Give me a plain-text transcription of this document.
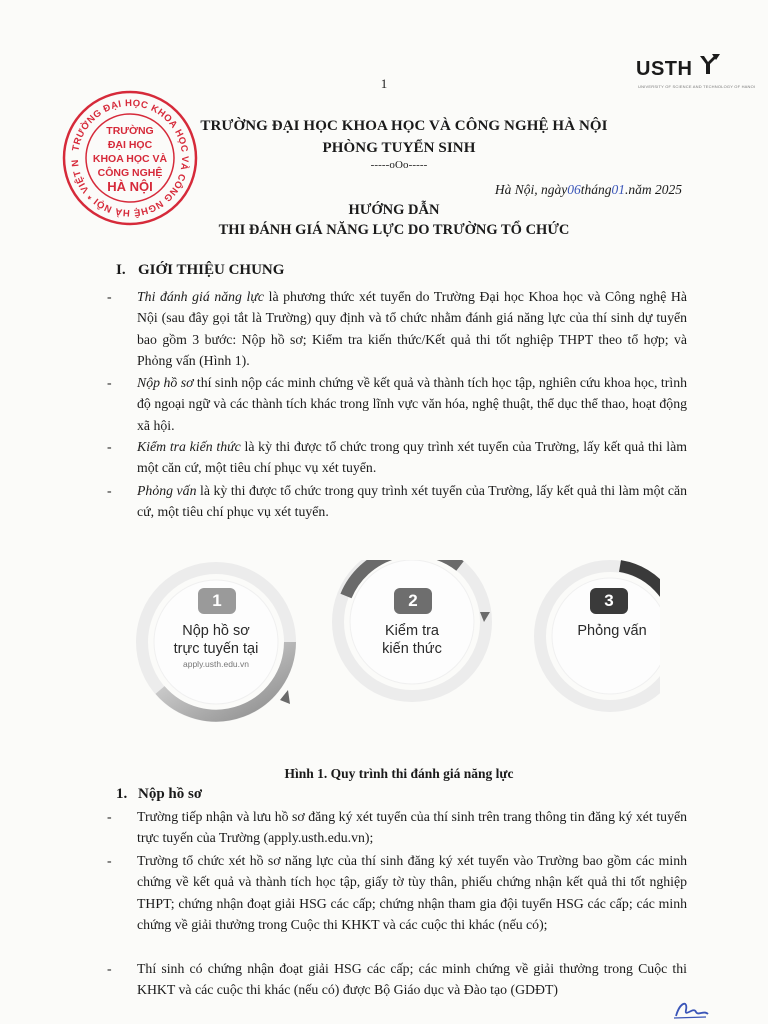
1
USTH
UNIVERSITY OF SCIENCE AND TECHNOLOGY OF HANOI
TRƯỜNG ĐẠI HỌC KHOA HỌC VÀ CÔNG NGHỆ HÀ NỘI * VIỆT N
TRƯỜNG
ĐẠI HỌC
KHOA HỌC VÀ
CÔNG NGHỆ
HÀ NỘI
TRƯỜNG ĐẠI HỌC KHOA HỌC VÀ CÔNG NGHỆ HÀ NỘI
PHÒNG TUYỂN SINH
-----oOo-----
Hà Nội, ngày06tháng01.năm 2025
HƯỚNG DẪN
THI ĐÁNH GIÁ NĂNG LỰC DO TRƯỜNG TỔ CHỨC
I. GIỚI THIỆU CHUNG
-	Thi đánh giá năng lực là phương thức xét tuyển do Trường Đại học Khoa học và Công nghệ Hà Nội (sau đây gọi tắt là Trường) quy định và tổ chức nhằm đánh giá năng lực của thí sinh dự tuyển bao gồm 3 bước: Nộp hồ sơ; Kiểm tra kiến thức/Kết quả thi tốt nghiệp THPT theo tổ hợp; và Phỏng vấn (Hình 1).
-	Nộp hồ sơ thí sinh nộp các minh chứng về kết quả và thành tích học tập, nghiên cứu khoa học, trình độ ngoại ngữ và các thành tích khác trong lĩnh vực văn hóa, nghệ thuật, thể dục thể thao, hoạt động xã hội.
-	Kiểm tra kiến thức là kỳ thi được tổ chức trong quy trình xét tuyển của Trường, lấy kết quả thi làm một căn cứ, một tiêu chí phục vụ xét tuyển.
-	Phỏng vấn là kỳ thi được tổ chức trong quy trình xét tuyển của Trường, lấy kết quả thi làm một căn cứ, một tiêu chí phục vụ xét tuyển.
1
Nộp hồ sơ
trực tuyến tại
apply.usth.edu.vn
2
Kiểm tra
kiến thức
3
Phỏng vấn
Hình 1. Quy trình thi đánh giá năng lực
1. Nộp hồ sơ
-	Trường tiếp nhận và lưu hồ sơ đăng ký xét tuyển của thí sinh trên trang thông tin đăng ký xét tuyển trực tuyến của Trường (apply.usth.edu.vn);
-	Trường tổ chức xét hồ sơ năng lực của thí sinh đăng ký xét tuyển vào Trường bao gồm các minh chứng về kết quả và thành tích học tập, giấy tờ tùy thân, phiếu chứng nhận kết quả thi tốt nghiệp THPT; chứng nhận đoạt giải HSG các cấp; chứng nhận tham gia đội tuyển HSG các cấp; các minh chứng về giải thưởng trong Cuộc thi KHKT và các cuộc thi khác (nếu có);
-	Thí sinh có chứng nhận đoạt giải HSG các cấp; các minh chứng về giải thưởng trong Cuộc thi KHKT và các cuộc thi khác (nếu có) được Bộ Giáo dục và Đào tạo (GDĐT)
